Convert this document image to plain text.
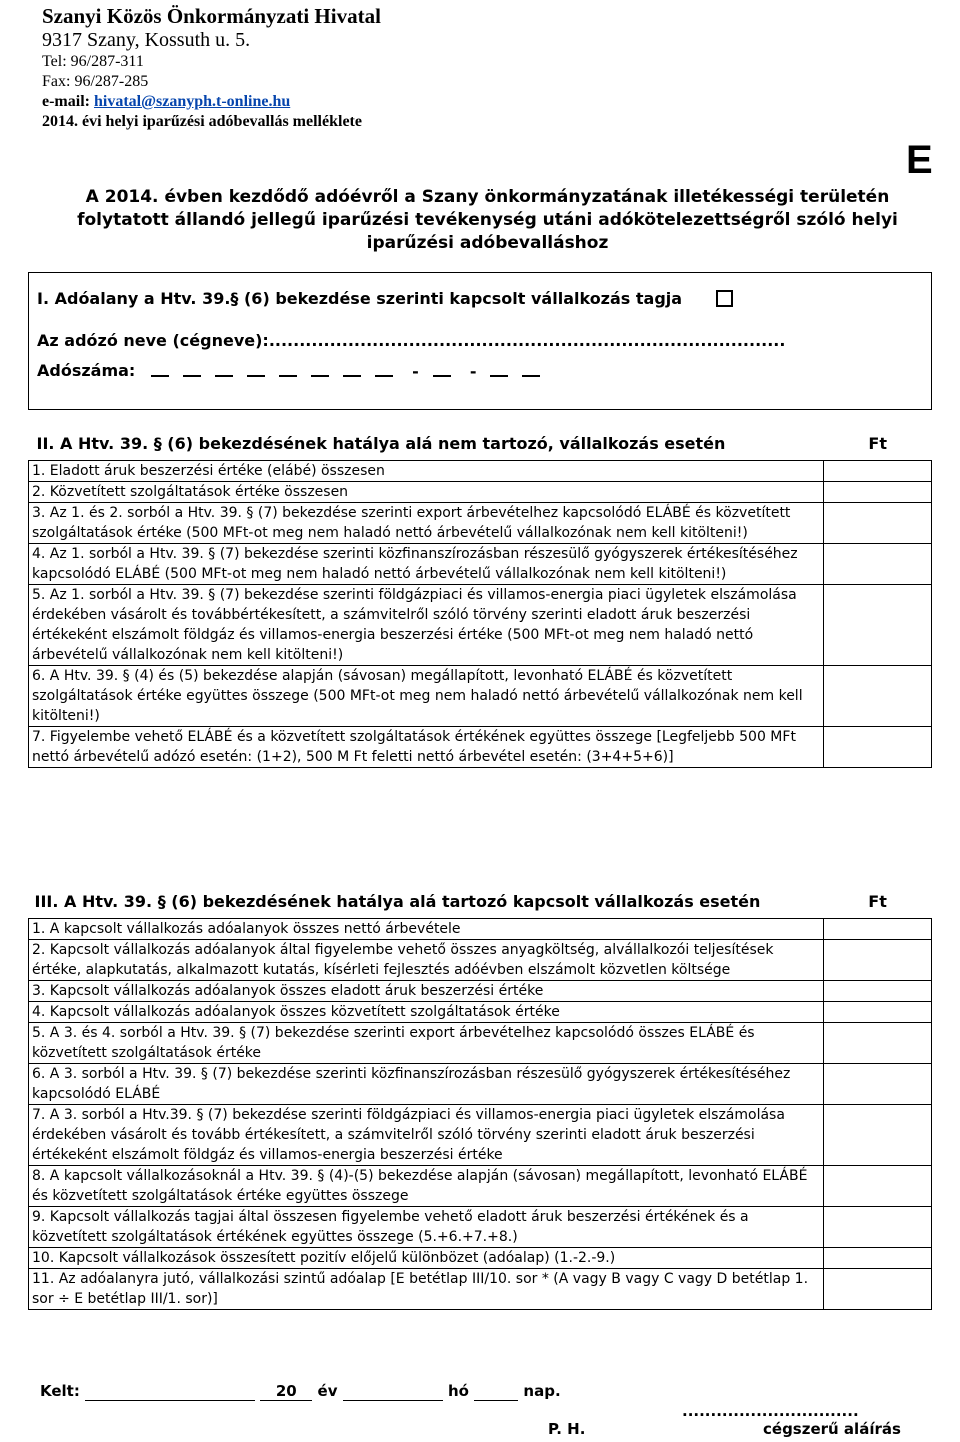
Szanyi Közös Önkormányzati Hivatal
9317 Szany, Kossuth u. 5.
Tel: 96/287-311
Fax: 96/287-285
e-mail: hivatal@szanyph.t-online.hu
2014. évi helyi iparűzési adóbevallás melléklete
E
A 2014. évben kezdődő adóévről a Szany önkormányzatának illetékességi területén folytatott állandó jellegű iparűzési tevékenység utáni adókötelezettségről szóló helyi iparűzési adóbevalláshoz
I. Adóalany a Htv. 39.§ (6) bekezdése szerinti kapcsolt vállalkozás tagja
Az adózó neve (cégneve):.....................................................................................
Adószáma:	-	-
II. A Htv. 39. § (6) bekezdésének hatálya alá nem tartozó, vállalkozás esetén	Ft
1. Eladott áruk beszerzési értéke (elábé) összesen	
2. Közvetített szolgáltatások értéke összesen	
3. Az 1. és 2. sorból a Htv. 39. § (7) bekezdése szerinti export árbevételhez kapcsolódó ELÁBÉ és közvetített szolgáltatások értéke (500 MFt-ot meg nem haladó nettó árbevételű vállalkozónak nem kell kitölteni!)	
4. Az 1. sorból a Htv. 39. § (7) bekezdése szerinti közfinanszírozásban részesülő gyógyszerek értékesítéséhez kapcsolódó ELÁBÉ (500 MFt-ot meg nem haladó nettó árbevételű vállalkozónak nem kell kitölteni!)	
5. Az 1. sorból a Htv. 39. § (7) bekezdése szerinti földgázpiaci és villamos-energia piaci ügyletek elszámolása érdekében vásárolt és továbbértékesített, a számvitelről szóló törvény szerinti eladott áruk beszerzési értékeként elszámolt földgáz és villamos-energia beszerzési értéke (500 MFt-ot meg nem haladó nettó árbevételű vállalkozónak nem kell kitölteni!)	
6. A Htv. 39. § (4) és (5) bekezdése alapján (sávosan) megállapított, levonható ELÁBÉ és közvetített szolgáltatások értéke együttes összege (500 MFt-ot meg nem haladó nettó árbevételű vállalkozónak nem kell kitölteni!)	
7. Figyelembe vehető ELÁBÉ és a közvetített szolgáltatások értékének együttes összege [Legfeljebb 500 MFt nettó árbevételű adózó esetén: (1+2), 500 M Ft feletti nettó árbevétel esetén: (3+4+5+6)]	
III. A Htv. 39. § (6) bekezdésének hatálya alá tartozó kapcsolt vállalkozás esetén	Ft
1. A kapcsolt vállalkozás adóalanyok összes nettó árbevétele	
2. Kapcsolt vállalkozás adóalanyok által figyelembe vehető összes anyagköltség, alvállalkozói teljesítések értéke, alapkutatás, alkalmazott kutatás, kísérleti fejlesztés adóévben elszámolt közvetlen költsége	
3. Kapcsolt vállalkozás adóalanyok összes eladott áruk beszerzési értéke	
4. Kapcsolt vállalkozás adóalanyok összes közvetített szolgáltatások értéke	
5. A 3. és 4. sorból a Htv. 39. § (7) bekezdése szerinti export árbevételhez kapcsolódó összes ELÁBÉ és közvetített szolgáltatások értéke	
6. A 3. sorból a Htv. 39. § (7) bekezdése szerinti közfinanszírozásban részesülő gyógyszerek értékesítéséhez kapcsolódó ELÁBÉ	
7. A 3. sorból a Htv.39. § (7) bekezdése szerinti földgázpiaci és villamos-energia piaci ügyletek elszámolása érdekében vásárolt és tovább értékesített, a számvitelről szóló törvény szerinti eladott áruk beszerzési értékeként elszámolt földgáz és villamos-energia beszerzési értéke	
8. A kapcsolt vállalkozásoknál a Htv. 39. § (4)-(5) bekezdése alapján (sávosan) megállapított, levonható ELÁBÉ és közvetített szolgáltatások értéke együttes összege	
9. Kapcsolt vállalkozás tagjai által összesen figyelembe vehető eladott áruk beszerzési értékének és a közvetített szolgáltatások értékének együttes összege (5.+6.+7.+8.)	
10. Kapcsolt vállalkozások összesített pozitív előjelű különbözet (adóalap) (1.-2.-9.)	
11. Az adóalanyra jutó, vállalkozási szintű adóalap [E betétlap III/10. sor * (A vagy B vagy C vagy D betétlap 1. sor ÷ E betétlap III/1. sor)]	
Kelt:	20 év	hó	nap.
P. H.
...............................
cégszerű aláírás
